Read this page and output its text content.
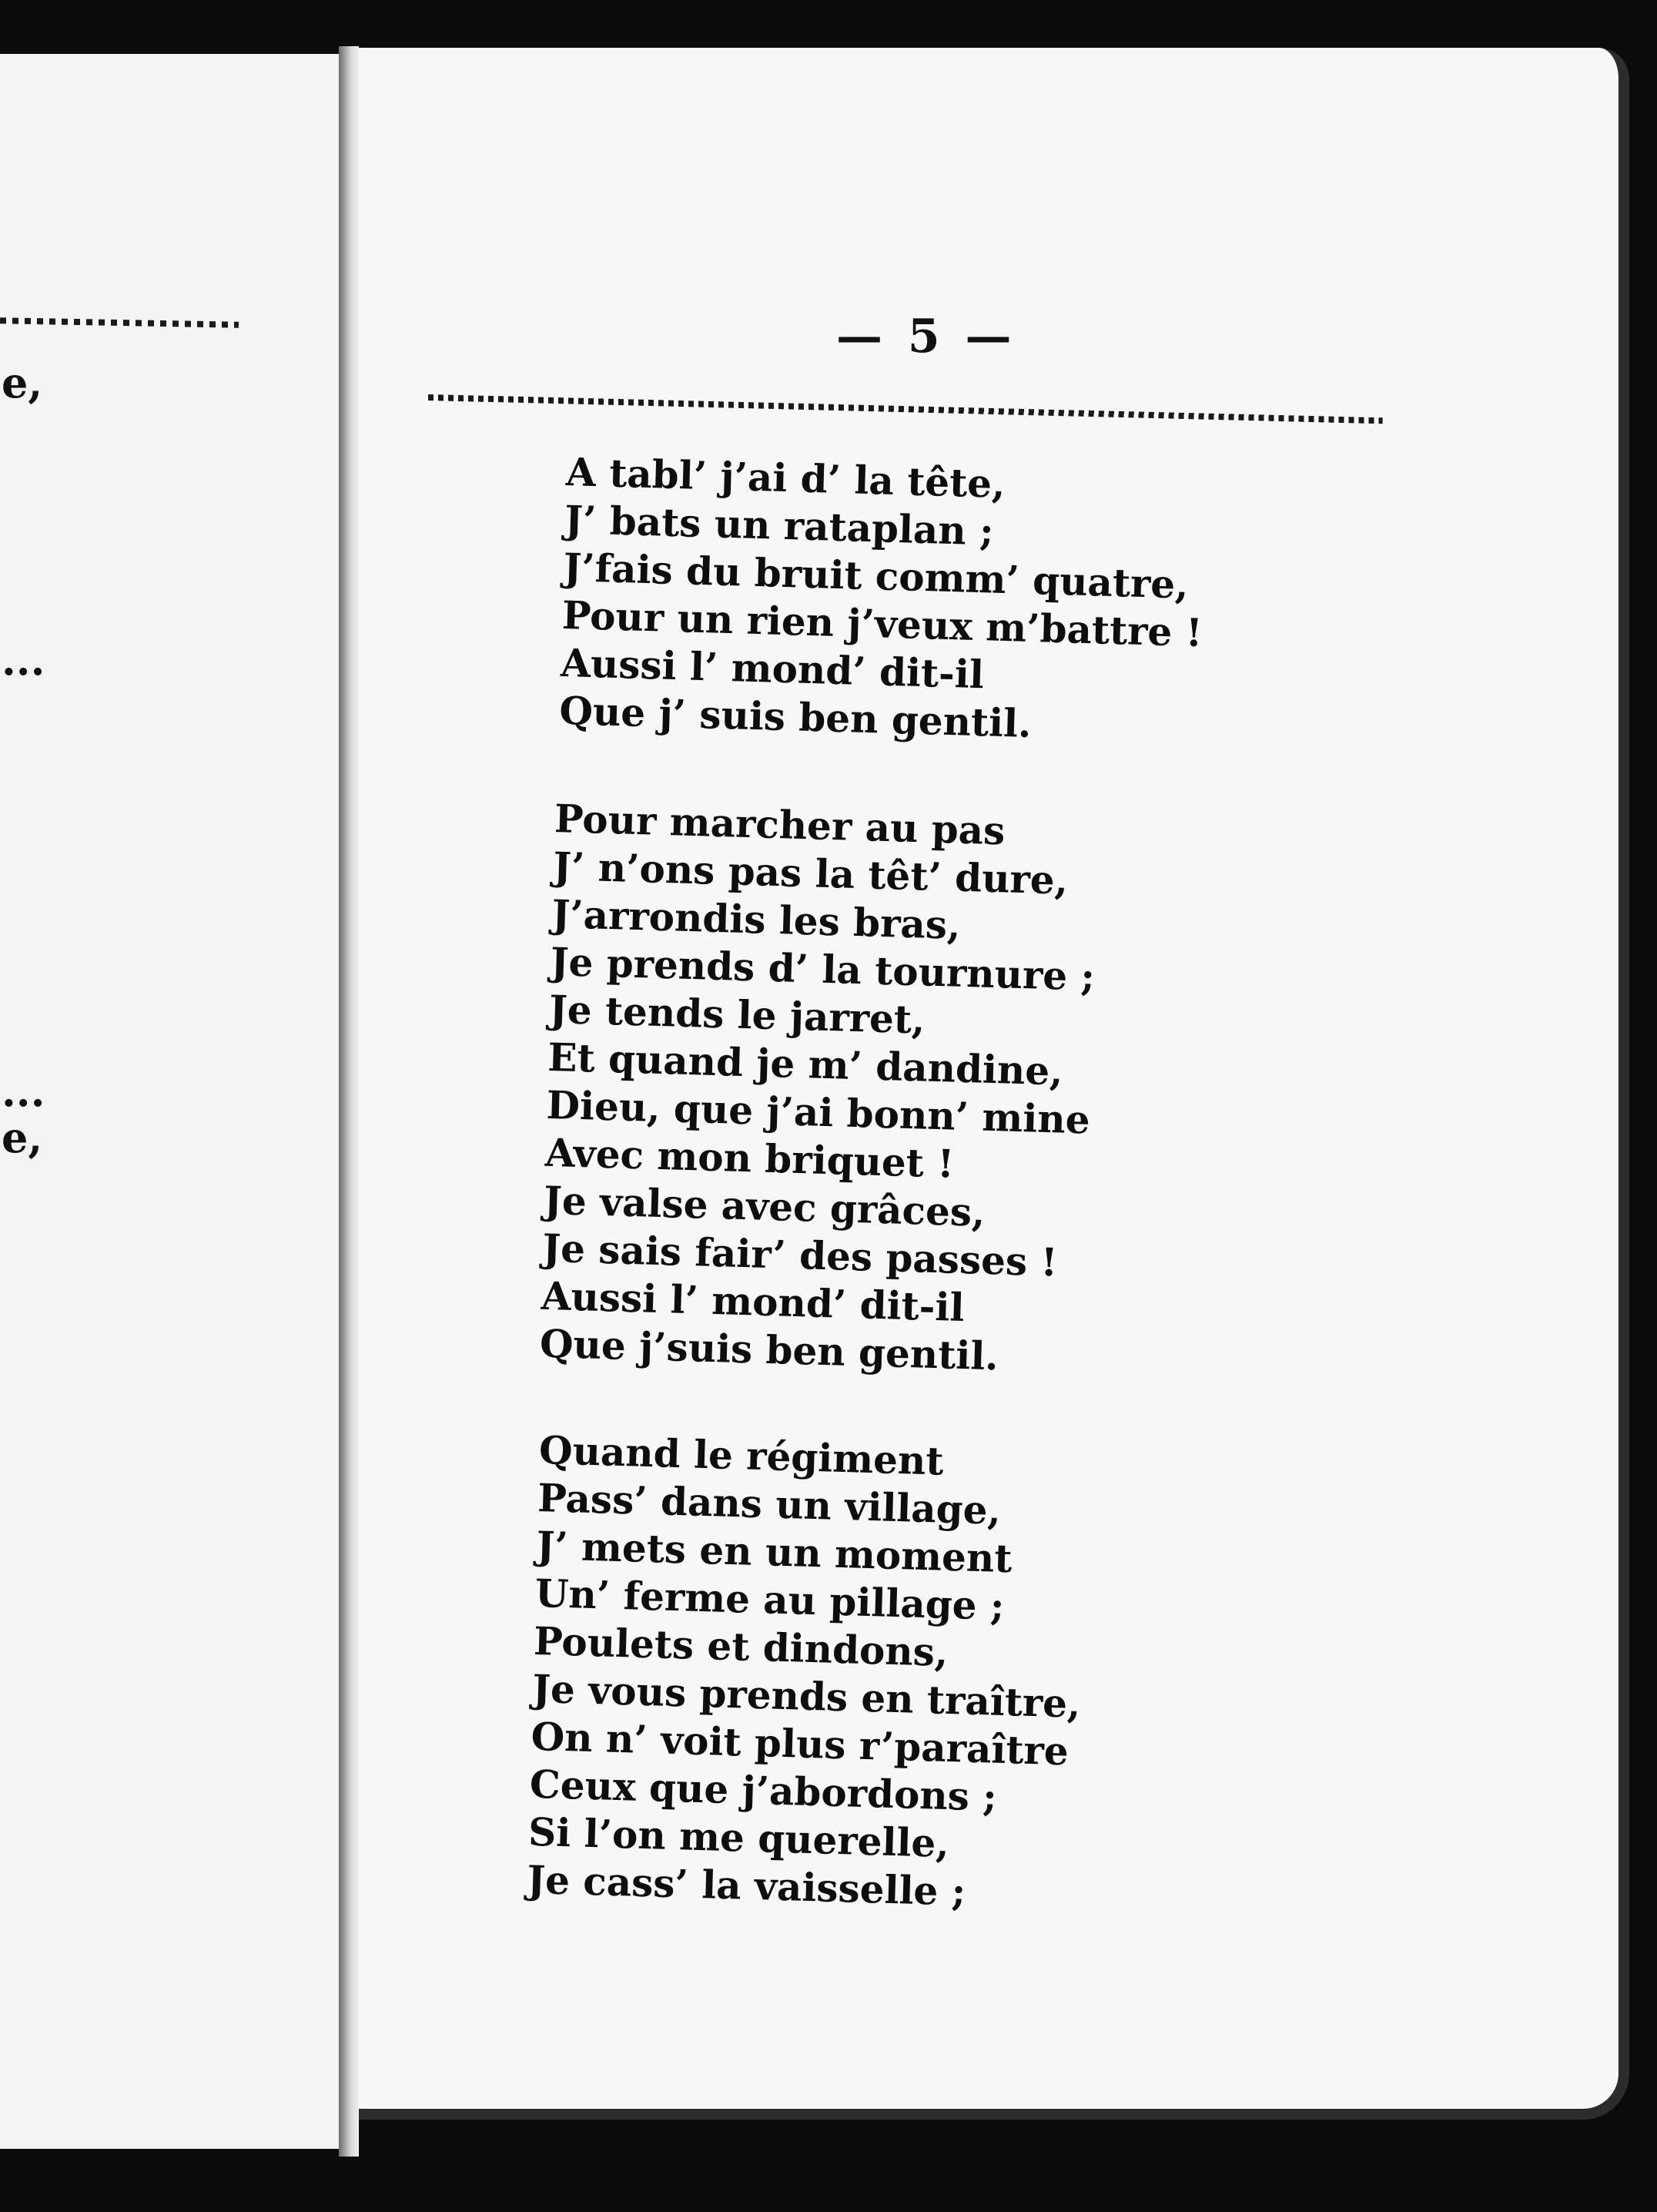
e,
...
...
e,
— 5 —
A tabl’ j’ai d’ la tête,
J’ bats un rataplan ;
J’fais du bruit comm’ quatre,
Pour un rien j’veux m’battre !
Aussi l’ mond’ dit-il
Que j’ suis ben gentil.
Pour marcher au pas
J’ n’ons pas la têt’ dure,
J’arrondis les bras,
Je prends d’ la tournure ;
Je tends le jarret,
Et quand je m’ dandine,
Dieu, que j’ai bonn’ mine
Avec mon briquet !
Je valse avec grâces,
Je sais fair’ des passes !
Aussi l’ mond’ dit-il
Que j’suis ben gentil.
Quand le régiment
Pass’ dans un village,
J’ mets en un moment
Un’ ferme au pillage ;
Poulets et dindons,
Je vous prends en traître,
On n’ voit plus r’paraître
Ceux que j’abordons ;
Si l’on me querelle,
Je cass’ la vaisselle ;
